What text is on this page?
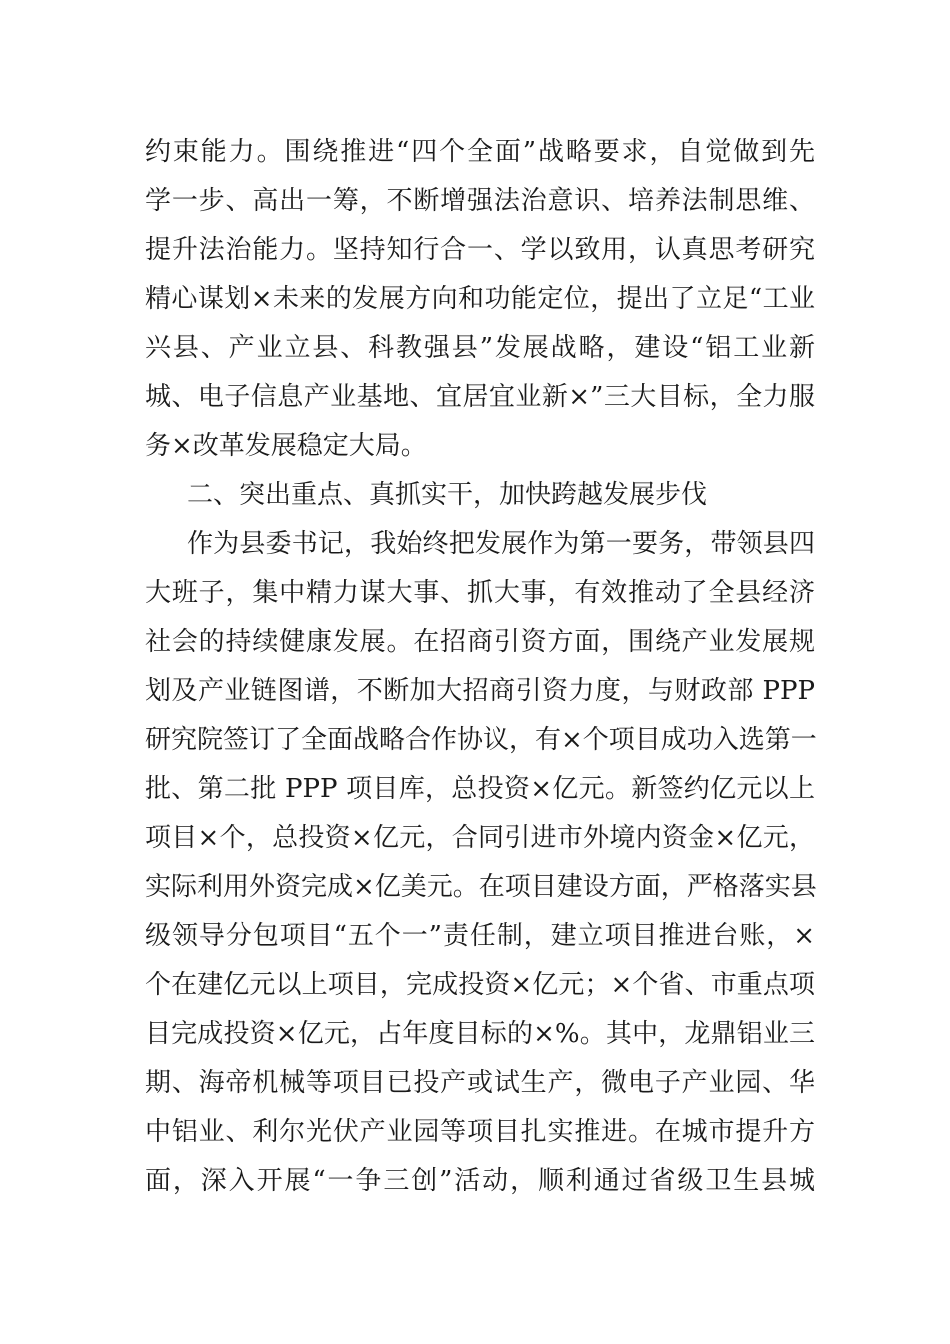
约束能力。围绕推进“四个全面”战略要求，自觉做到先
学一步、高出一筹，不断增强法治意识、培养法制思维、
提升法治能力。坚持知行合一、学以致用，认真思考研究
精心谋划×未来的发展方向和功能定位，提出了立足“工业
兴县、产业立县、科教强县”发展战略，建设“铝工业新
城、电子信息产业基地、宜居宜业新×”三大目标，全力服
务×改革发展稳定大局。
二、突出重点、真抓实干，加快跨越发展步伐
作为县委书记，我始终把发展作为第一要务，带领县四
大班子，集中精力谋大事、抓大事，有效推动了全县经济
社会的持续健康发展。在招商引资方面，围绕产业发展规
划及产业链图谱，不断加大招商引资力度，与财政部 PPP
研究院签订了全面战略合作协议，有×个项目成功入选第一
批、第二批 PPP 项目库，总投资×亿元。新签约亿元以上
项目×个，总投资×亿元，合同引进市外境内资金×亿元，
实际利用外资完成×亿美元。在项目建设方面，严格落实县
级领导分包项目“五个一”责任制，建立项目推进台账，×
个在建亿元以上项目，完成投资×亿元；×个省、市重点项
目完成投资×亿元，占年度目标的×%。其中，龙鼎铝业三
期、海帝机械等项目已投产或试生产，微电子产业园、华
中铝业、利尔光伏产业园等项目扎实推进。在城市提升方
面，深入开展“一争三创”活动，顺利通过省级卫生县城
